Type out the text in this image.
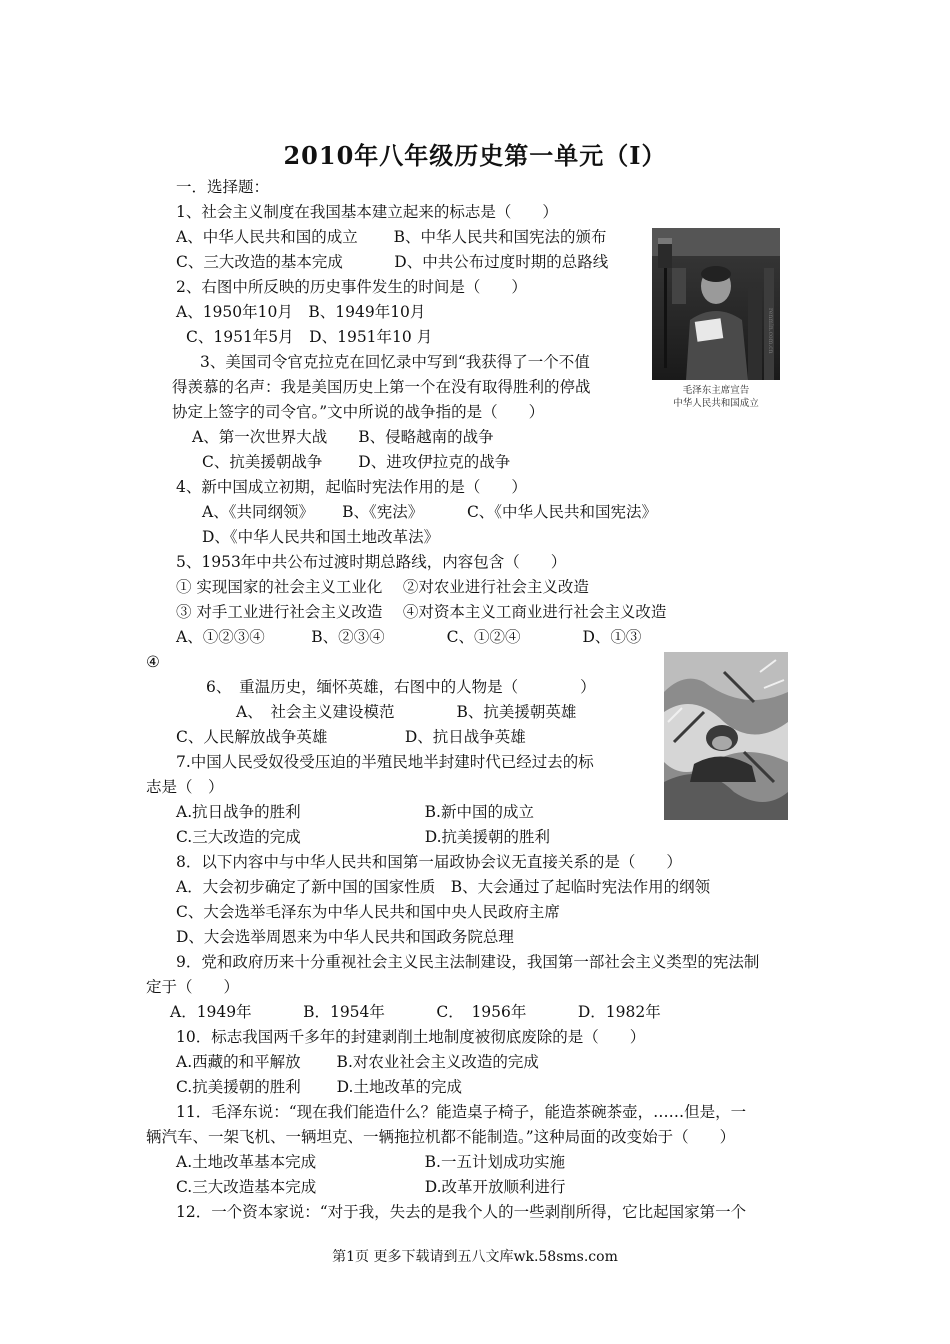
2010年八年级历史第一单元（Ⅰ）
一．选择题：
1、社会主义制度在我国基本建立起来的标志是（　　）
A、中华人民共和国的成立　　 B、中华人民共和国宪法的颁布
C、三大改造的基本完成　　　 D、中共公布过度时期的总路线
2、右图中所反映的历史事件发生的时间是（　　）
A、1950年10月　B、1949年10月
C、1951年5月　D、1951年10 月
3、美国司令官克拉克在回忆录中写到“我获得了一个不值
得羡慕的名声：我是美国历史上第一个在没有取得胜利的停战
协定上签字的司令官。”文中所说的战争指的是（　　）
A、第一次世界大战　　B、侵略越南的战争
C、抗美援朝战争　　 D、进攻伊拉克的战争
4、新中国成立初期，起临时宪法作用的是（　　）
A、《共同纲领》　　 B、《宪法》　　　 C、《中华人民共和国宪法》
D、《中华人民共和国土地改革法》
5、1953年中共公布过渡时期总路线，内容包含（　　）
① 实现国家的社会主义工业化　 ②对农业进行社会主义改造
③ 对手工业进行社会主义改造　 ④对资本主义工商业进行社会主义改造
A、①②③④　　　B、②③④　　　　C、①②④　　　　D、①③
④
6、　重温历史，缅怀英雄，右图中的人物是（　　　　）
A、　社会主义建设模范　　　　B、抗美援朝英雄
C、人民解放战争英雄　　　　　D、抗日战争英雄
7.中国人民受奴役受压迫的半殖民地半封建时代已经过去的标
志是（　）
A.抗日战争的胜利　　　　　　　　B.新中国的成立
C.三大改造的完成　　　　　　　　D.抗美援朝的胜利
8．以下内容中与中华人民共和国第一届政协会议无直接关系的是（　　）
A．大会初步确定了新中国的国家性质　B、大会通过了起临时宪法作用的纲领
C、大会选举毛泽东为中华人民共和国中央人民政府主席
D、大会选举周恩来为中华人民共和国政务院总理
9．党和政府历来十分重视社会主义民主法制建设，我国第一部社会主义类型的宪法制
定于（　　）
A．1949年　　　 B．1954年　　　 C．　1956年　　　 D．1982年
10．标志我国两千多年的封建剥削土地制度被彻底废除的是（　　）
A.西藏的和平解放　　 B.对农业社会主义改造的完成
C.抗美援朝的胜利　　 D.土地改革的完成
11．毛泽东说：“现在我们能造什么？能造桌子椅子，能造茶碗茶壶，……但是，一
辆汽车、一架飞机、一辆坦克、一辆拖拉机都不能制造。”这种局面的改变始于（　　）
A.土地改革基本完成　　　　　　　B.一五计划成功实施
C.三大改造基本完成　　　　　　　D.改革开放顺利进行
12．一个资本家说：“对于我，失去的是我个人的一些剥削所得，它比起国家第一个
renmin.com.cn
毛泽东主席宣告
中华人民共和国成立
第1页 更多下载请到五八文库wk.58sms.com
